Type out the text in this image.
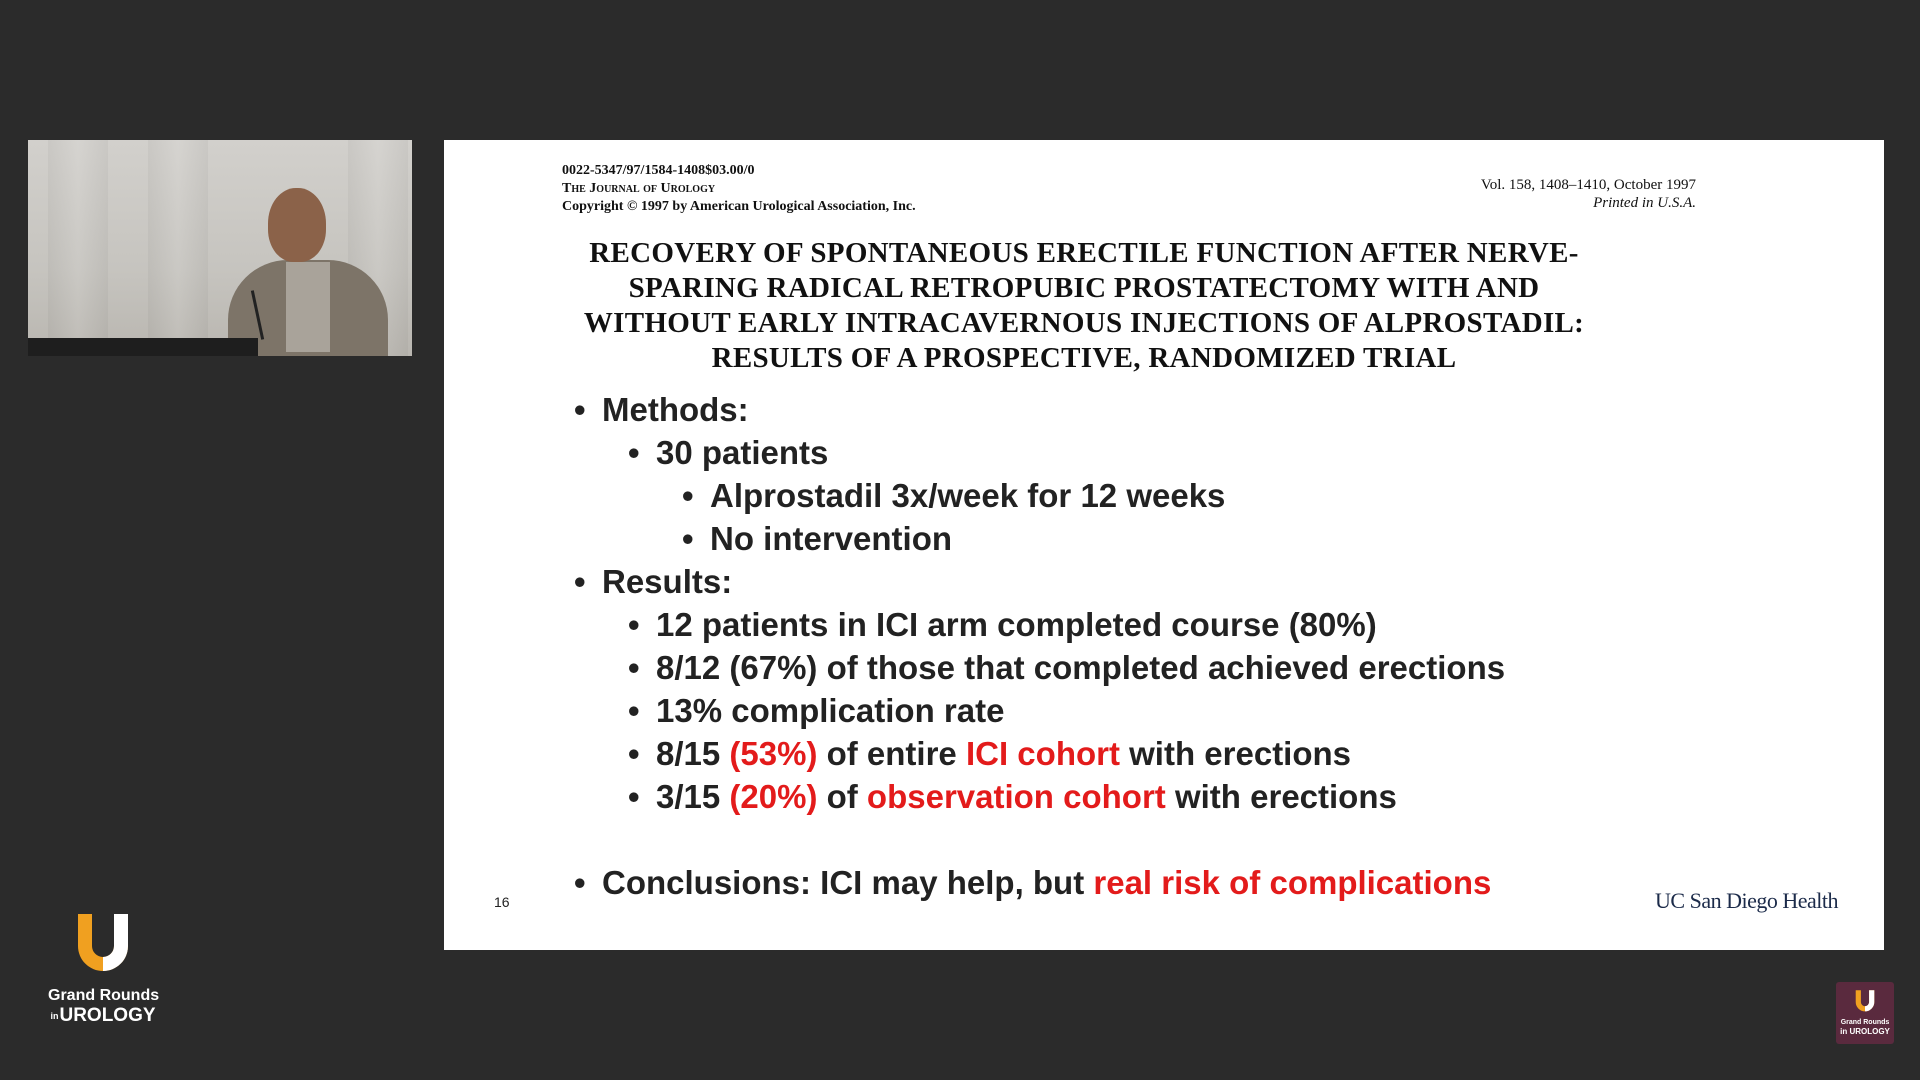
0022-5347/97/1584-1408$03.00/0
The Journal of Urology
Copyright © 1997 by American Urological Association, Inc.
Vol. 158, 1408–1410, October 1997
Printed in U.S.A.
RECOVERY OF SPONTANEOUS ERECTILE FUNCTION AFTER NERVE-
SPARING RADICAL RETROPUBIC PROSTATECTOMY WITH AND
WITHOUT EARLY INTRACAVERNOUS INJECTIONS OF ALPROSTADIL:
RESULTS OF A PROSPECTIVE, RANDOMIZED TRIAL
• Methods:
• 30 patients
• Alprostadil 3x/week for 12 weeks
• No intervention
• Results:
• 12 patients in ICI arm completed course (80%)
• 8/12 (67%) of those that completed achieved erections
• 13% complication rate
• 8/15 (53%) of entire ICI cohort with erections
• 3/15 (20%) of observation cohort with erections
• Conclusions: ICI may help, but real risk of complications
16	UC San Diego Health
Grand Rounds
$^{in}$UROLOGY	Grand Rounds
in UROLOGY
